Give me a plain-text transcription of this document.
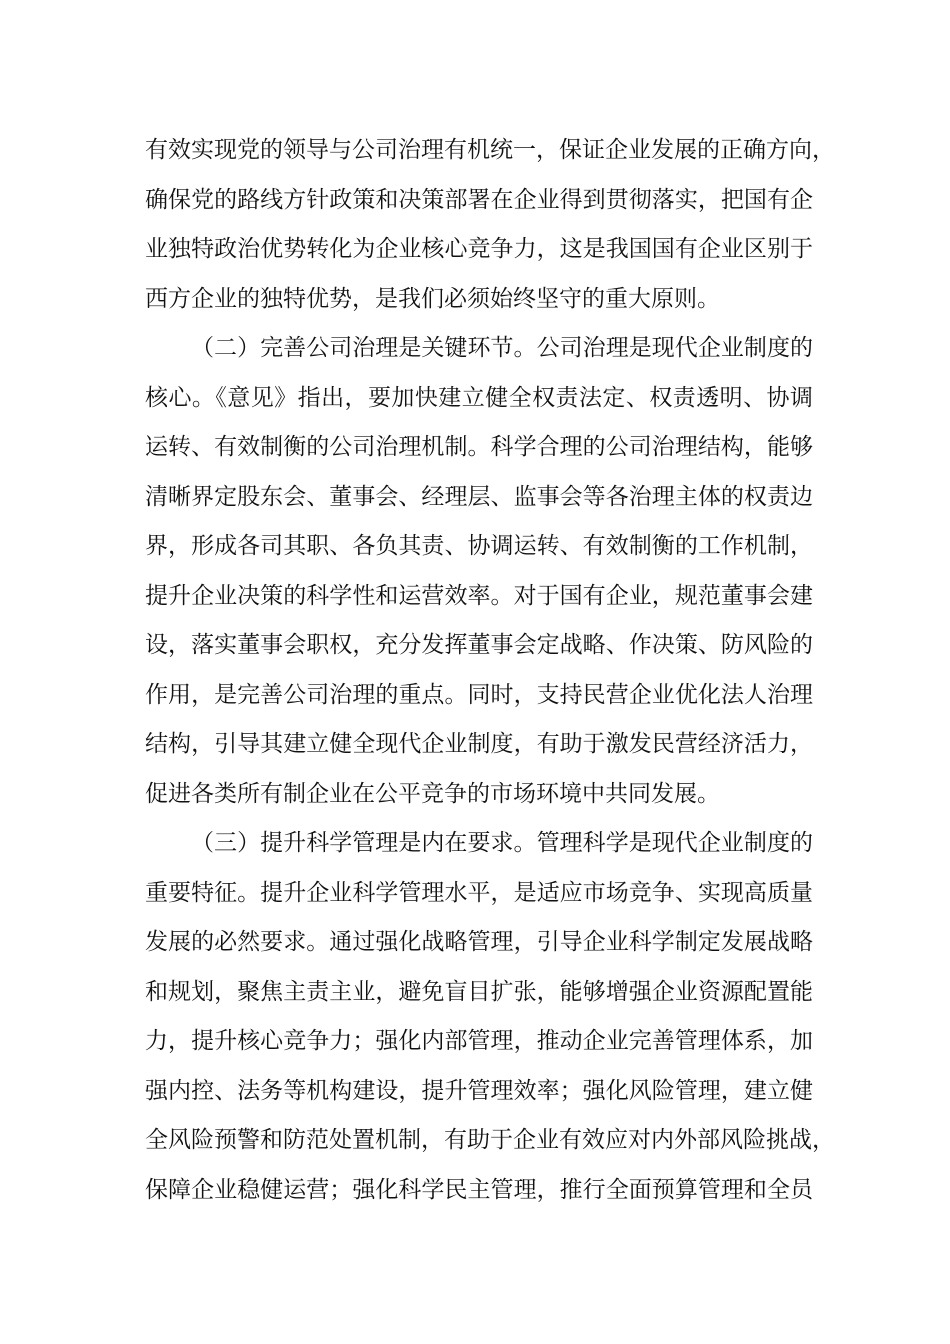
有效实现党的领导与公司治理有机统一，保证企业发展的正确方向，
确保党的路线方针政策和决策部署在企业得到贯彻落实，把国有企
业独特政治优势转化为企业核心竞争力，这是我国国有企业区别于
西方企业的独特优势，是我们必须始终坚守的重大原则。
（二）完善公司治理是关键环节。公司治理是现代企业制度的
核心。《意见》指出，要加快建立健全权责法定、权责透明、协调
运转、有效制衡的公司治理机制。科学合理的公司治理结构，能够
清晰界定股东会、董事会、经理层、监事会等各治理主体的权责边
界，形成各司其职、各负其责、协调运转、有效制衡的工作机制，
提升企业决策的科学性和运营效率。对于国有企业，规范董事会建
设，落实董事会职权，充分发挥董事会定战略、作决策、防风险的
作用，是完善公司治理的重点。同时，支持民营企业优化法人治理
结构，引导其建立健全现代企业制度，有助于激发民营经济活力，
促进各类所有制企业在公平竞争的市场环境中共同发展。
（三）提升科学管理是内在要求。管理科学是现代企业制度的
重要特征。提升企业科学管理水平，是适应市场竞争、实现高质量
发展的必然要求。通过强化战略管理，引导企业科学制定发展战略
和规划，聚焦主责主业，避免盲目扩张，能够增强企业资源配置能
力，提升核心竞争力；强化内部管理，推动企业完善管理体系，加
强内控、法务等机构建设，提升管理效率；强化风险管理，建立健
全风险预警和防范处置机制，有助于企业有效应对内外部风险挑战，
保障企业稳健运营；强化科学民主管理，推行全面预算管理和全员
